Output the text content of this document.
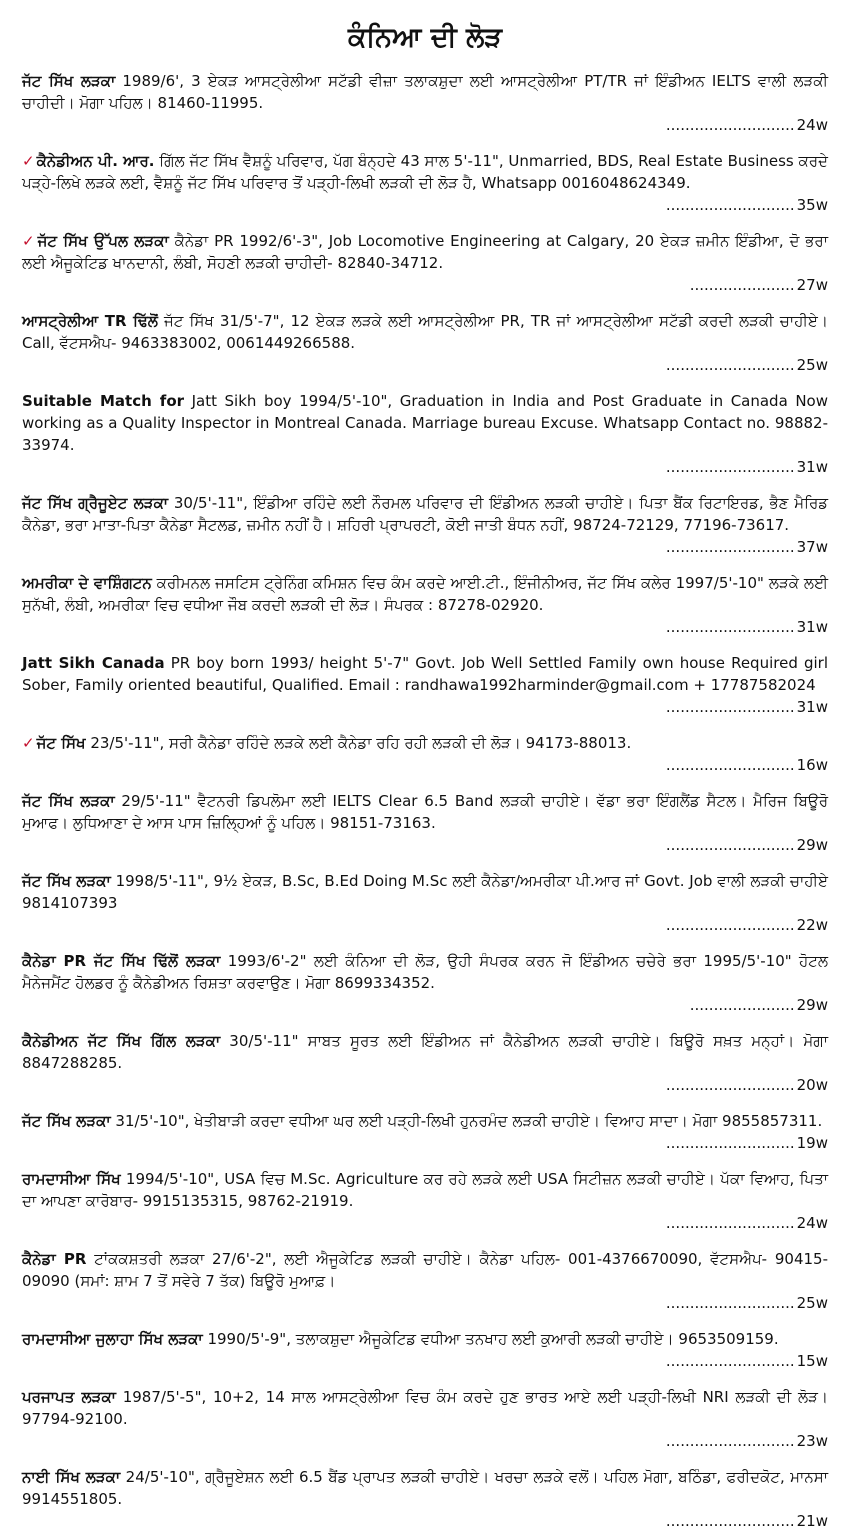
ਕੰਨਿਆ ਦੀ ਲੋੜ
ਜੱਟ ਸਿੱਖ ਲੜਕਾ 1989/6', 3 ਏਕੜ ਆਸਟ੍ਰੇਲੀਆ ਸਟੱਡੀ ਵੀਜ਼ਾ ਤਲਾਕਸ਼ੁਦਾ ਲਈ ਆਸਟ੍ਰੇਲੀਆ PT/TR ਜਾਂ ਇੰਡੀਅਨ IELTS ਵਾਲੀ ਲੜਕੀ ਚਾਹੀਦੀ। ਮੋਗਾ ਪਹਿਲ। 81460-11995.
........................... 24w
✓ ਕੈਨੇਡੀਅਨ ਪੀ. ਆਰ. ਗਿੱਲ ਜੱਟ ਸਿੱਖ ਵੈਸ਼ਨੂੰ ਪਰਿਵਾਰ, ਪੱਗ ਬੰਨ੍ਹਦੇ 43 ਸਾਲ 5'-11", Unmarried, BDS, Real Estate Business ਕਰਦੇ ਪੜ੍ਹੇ-ਲਿਖੇ ਲੜਕੇ ਲਈ, ਵੈਸ਼ਨੂੰ ਜੱਟ ਸਿੱਖ ਪਰਿਵਾਰ ਤੋਂ ਪੜ੍ਹੀ-ਲਿਖੀ ਲੜਕੀ ਦੀ ਲੋੜ ਹੈ, Whatsapp 0016048624349.
........................... 35w
✓ ਜੱਟ ਸਿੱਖ ਉੱਪਲ ਲੜਕਾ ਕੈਨੇਡਾ PR 1992/6'-3", Job Locomotive Engineering at Calgary, 20 ਏਕੜ ਜ਼ਮੀਨ ਇੰਡੀਆ, ਦੋ ਭਰਾ ਲਈ ਐਜੂਕੇਟਿਡ ਖਾਨਦਾਨੀ, ਲੰਬੀ, ਸੋਹਣੀ ਲੜਕੀ ਚਾਹੀਦੀ- 82840-34712.
...................... 27w
ਆਸਟ੍ਰੇਲੀਆ TR ਢਿੱਲੋਂ ਜੱਟ ਸਿੱਖ 31/5'-7", 12 ਏਕੜ ਲੜਕੇ ਲਈ ਆਸਟ੍ਰੇਲੀਆ PR, TR ਜਾਂ ਆਸਟ੍ਰੇਲੀਆ ਸਟੱਡੀ ਕਰਦੀ ਲੜਕੀ ਚਾਹੀਏ। Call, ਵੱਟਸਐਪ- 9463383002, 0061449266588.
........................... 25w
Suitable Match for Jatt Sikh boy 1994/5'-10", Graduation in India and Post Graduate in Canada Now working as a Quality Inspector in Montreal Canada. Marriage bureau Excuse. Whatsapp Contact no. 98882-33974.
........................... 31w
ਜੱਟ ਸਿੱਖ ਗ੍ਰੈਜੂਏਟ ਲੜਕਾ 30/5'-11", ਇੰਡੀਆ ਰਹਿੰਦੇ ਲਈ ਨੌਰਮਲ ਪਰਿਵਾਰ ਦੀ ਇੰਡੀਅਨ ਲੜਕੀ ਚਾਹੀਏ। ਪਿਤਾ ਬੈਂਕ ਰਿਟਾਇਰਡ, ਭੈਣ ਮੈਰਿਡ ਕੈਨੇਡਾ, ਭਰਾ ਮਾਤਾ-ਪਿਤਾ ਕੈਨੇਡਾ ਸੈਟਲਡ, ਜ਼ਮੀਨ ਨਹੀਂ ਹੈ। ਸ਼ਹਿਰੀ ਪ੍ਰਾਪਰਟੀ, ਕੋਈ ਜਾਤੀ ਬੰਧਨ ਨਹੀਂ, 98724-72129, 77196-73617.
........................... 37w
ਅਮਰੀਕਾ ਦੇ ਵਾਸ਼ਿੰਗਟਨ ਕਰੀਮਨਲ ਜਸਟਿਸ ਟ੍ਰੇਨਿੰਗ ਕਮਿਸ਼ਨ ਵਿਚ ਕੰਮ ਕਰਦੇ ਆਈ.ਟੀ., ਇੰਜੀਨੀਅਰ, ਜੱਟ ਸਿੱਖ ਕਲੇਰ 1997/5'-10" ਲੜਕੇ ਲਈ ਸੁਨੱਖੀ, ਲੰਬੀ, ਅਮਰੀਕਾ ਵਿਚ ਵਧੀਆ ਜੌਬ ਕਰਦੀ ਲੜਕੀ ਦੀ ਲੋੜ। ਸੰਪਰਕ : 87278-02920.
........................... 31w
Jatt Sikh Canada PR boy born 1993/ height 5'-7" Govt. Job Well Settled Family own house Required girl Sober, Family oriented beautiful, Qualified. Email : randhawa1992harminder@gmail.com + 17787582024
........................... 31w
✓ ਜੱਟ ਸਿੱਖ 23/5'-11", ਸਰੀ ਕੈਨੇਡਾ ਰਹਿੰਦੇ ਲੜਕੇ ਲਈ ਕੈਨੇਡਾ ਰਹਿ ਰਹੀ ਲੜਕੀ ਦੀ ਲੋੜ। 94173-88013.
........................... 16w
ਜੱਟ ਸਿੱਖ ਲੜਕਾ 29/5'-11" ਵੈਟਨਰੀ ਡਿਪਲੋਮਾ ਲਈ IELTS Clear 6.5 Band ਲੜਕੀ ਚਾਹੀਏ। ਵੱਡਾ ਭਰਾ ਇੰਗਲੈਂਡ ਸੈਟਲ। ਮੈਰਿਜ ਬਿਊਰੋ ਮੁਆਫ। ਲੁਧਿਆਣਾ ਦੇ ਆਸ ਪਾਸ ਜ਼ਿਲ੍ਹਿਆਂ ਨੂੰ ਪਹਿਲ। 98151-73163.
........................... 29w
ਜੱਟ ਸਿੱਖ ਲੜਕਾ 1998/5'-11", 9½ ਏਕੜ, B.Sc, B.Ed Doing M.Sc ਲਈ ਕੈਨੇਡਾ/ਅਮਰੀਕਾ ਪੀ.ਆਰ ਜਾਂ Govt. Job ਵਾਲੀ ਲੜਕੀ ਚਾਹੀਏ 9814107393
........................... 22w
ਕੈਨੇਡਾ PR ਜੱਟ ਸਿੱਖ ਢਿੱਲੋਂ ਲੜਕਾ 1993/6'-2" ਲਈ ਕੰਨਿਆ ਦੀ ਲੋੜ, ਉਹੀ ਸੰਪਰਕ ਕਰਨ ਜੋ ਇੰਡੀਅਨ ਚਚੇਰੇ ਭਰਾ 1995/5'-10" ਹੋਟਲ ਮੈਨੇਜਮੈਂਟ ਹੋਲਡਰ ਨੂੰ ਕੈਨੇਡੀਅਨ ਰਿਸ਼ਤਾ ਕਰਵਾਉਣ। ਮੋਗਾ 8699334352.
...................... 29w
ਕੈਨੇਡੀਅਨ ਜੱਟ ਸਿੱਖ ਗਿੱਲ ਲੜਕਾ 30/5'-11" ਸਾਬਤ ਸੂਰਤ ਲਈ ਇੰਡੀਅਨ ਜਾਂ ਕੈਨੇਡੀਅਨ ਲੜਕੀ ਚਾਹੀਏ। ਬਿਊਰੋ ਸਖ਼ਤ ਮਨ੍ਹਾਂ। ਮੋਗਾ 8847288285.
........................... 20w
ਜੱਟ ਸਿੱਖ ਲੜਕਾ 31/5'-10", ਖੇਤੀਬਾੜੀ ਕਰਦਾ ਵਧੀਆ ਘਰ ਲਈ ਪੜ੍ਹੀ-ਲਿਖੀ ਹੁਨਰਮੰਦ ਲੜਕੀ ਚਾਹੀਏ। ਵਿਆਹ ਸਾਦਾ। ਮੋਗਾ 9855857311.
........................... 19w
ਰਾਮਦਾਸੀਆ ਸਿੱਖ 1994/5'-10", USA ਵਿਚ M.Sc. Agriculture ਕਰ ਰਹੇ ਲੜਕੇ ਲਈ USA ਸਿਟੀਜ਼ਨ ਲੜਕੀ ਚਾਹੀਏ। ਪੱਕਾ ਵਿਆਹ, ਪਿਤਾ ਦਾ ਆਪਣਾ ਕਾਰੋਬਾਰ- 9915135315, 98762-21919.
........................... 24w
ਕੈਨੇਡਾ PR ਟਾਂਕਕਸ਼ਤਰੀ ਲੜਕਾ 27/6'-2", ਲਈ ਐਜੂਕੇਟਿਡ ਲੜਕੀ ਚਾਹੀਏ। ਕੈਨੇਡਾ ਪਹਿਲ- 001-4376670090, ਵੱਟਸਐਪ- 90415-09090 (ਸਮਾਂ: ਸ਼ਾਮ 7 ਤੋਂ ਸਵੇਰੇ 7 ਤੱਕ) ਬਿਊਰੋ ਮੁਆਫ਼।
........................... 25w
ਰਾਮਦਾਸੀਆ ਜੁਲਾਹਾ ਸਿੱਖ ਲੜਕਾ 1990/5'-9", ਤਲਾਕਸ਼ੁਦਾ ਐਜੂਕੇਟਿਡ ਵਧੀਆ ਤਨਖਾਹ ਲਈ ਕੁਆਰੀ ਲੜਕੀ ਚਾਹੀਏ। 9653509159.
........................... 15w
ਪਰਜਾਪਤ ਲੜਕਾ 1987/5'-5", 10+2, 14 ਸਾਲ ਆਸਟ੍ਰੇਲੀਆ ਵਿਚ ਕੰਮ ਕਰਦੇ ਹੁਣ ਭਾਰਤ ਆਏ ਲਈ ਪੜ੍ਹੀ-ਲਿਖੀ NRI ਲੜਕੀ ਦੀ ਲੋੜ। 97794-92100.
........................... 23w
ਨਾਈ ਸਿੱਖ ਲੜਕਾ 24/5'-10", ਗ੍ਰੈਜੂਏਸ਼ਨ ਲਈ 6.5 ਬੈਂਡ ਪ੍ਰਾਪਤ ਲੜਕੀ ਚਾਹੀਏ। ਖਰਚਾ ਲੜਕੇ ਵਲੋਂ। ਪਹਿਲ ਮੋਗਾ, ਬਠਿੰਡਾ, ਫਰੀਦਕੋਟ, ਮਾਨਸਾ 9914551805.
........................... 21w
